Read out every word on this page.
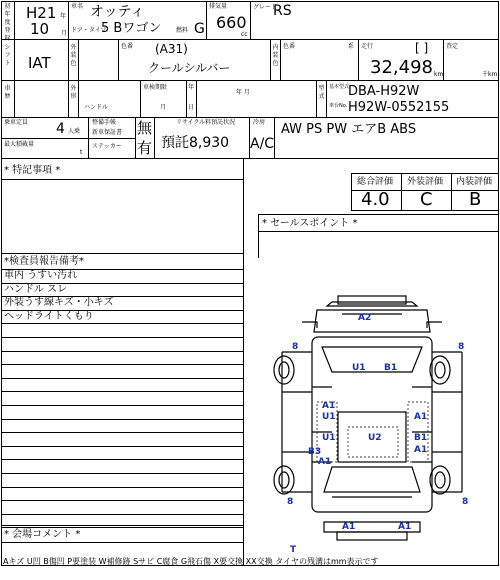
初年度登録
H21 年
10 月
車名 オッティ
ドア・タイプ
5 Bワゴン 燃料 G
排気量
660
cc
グレード
RS
シフト IAT
外装色
色番 (A31)
クールシルバー
内装色
色番	系 走行	[ ]
32,498 km
査定
千km
車歴
外形
ハンドル
車検期限	年
日
月
年 月
型式
基本型式
DBA-H92W
車台No. H92W-0552155
乗車定員 4 人乗
最大積載量
t
整備手帳
新車保証書
ステッカー
無
有
リサイクル料預託状況
預託8,930
冷房
A/C
AW PS PW エアB ABS
* 特記事項 *
総合評価 外装評価 内装評価
4.0 C B
* セールスポイント *
*検査員報告備考*
車内 うすい汚れ
ハンドル スレ
外装うす線キズ・小キズ
ヘッドライトくもり
* 会場コメント *
Aキズ U凹 B傷凹 P要塗装 W補修跡 Sサビ C腐食 G飛石傷 X要交換 XX交換 タイヤの残溝はmm表示です
A2
8
U1 B1
8
A1
U1	A1
U1	U2	B1
A1
B3
A1
8	8
A1	A1
T
